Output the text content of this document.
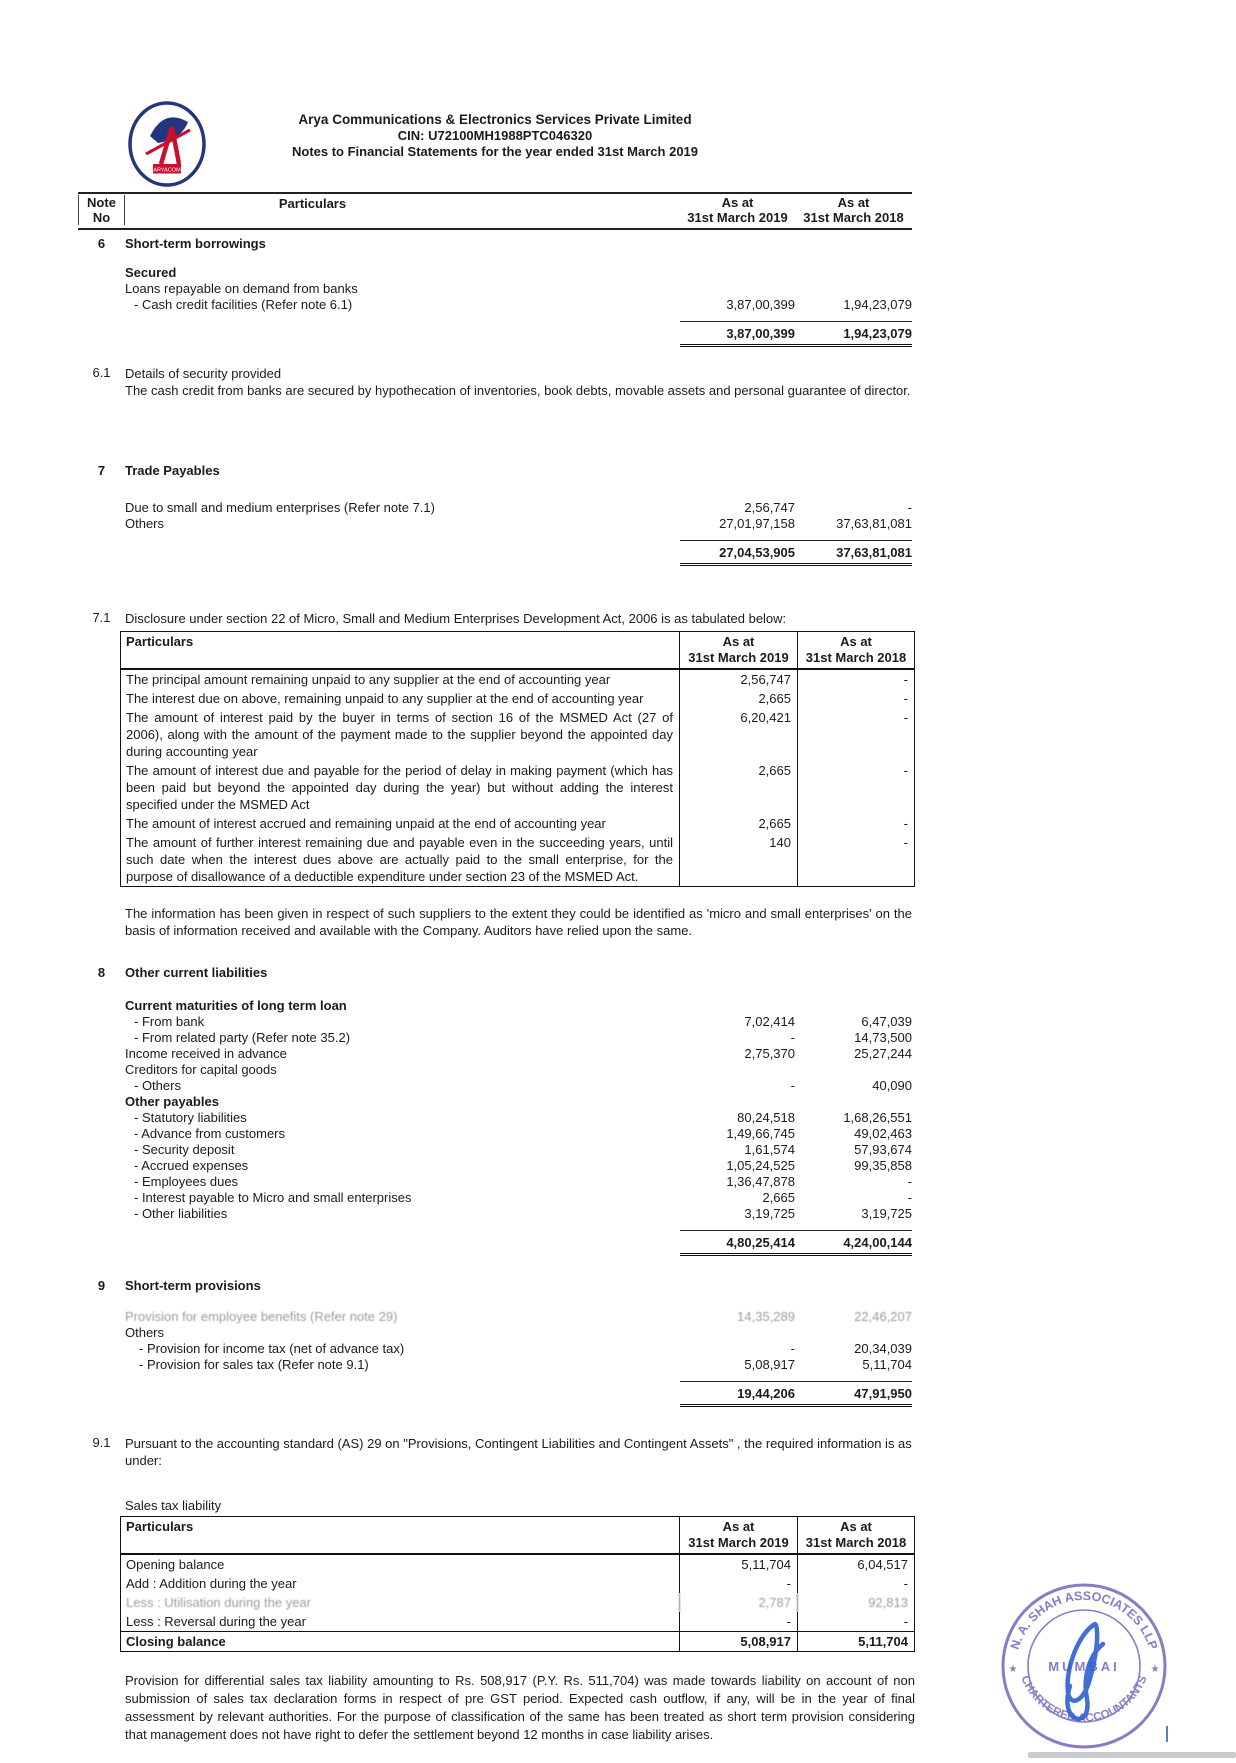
ARYACOM
Arya Communications & Electronics Services Private Limited
CIN: U72100MH1988PTC046320
Notes to Financial Statements for the year ended 31st March 2019
Note
No
Particulars	As at
31st March 2019
As at
31st March 2018
6	Short-term borrowings
Secured
Loans repayable on demand from banks
- Cash credit facilities (Refer note 6.1)	3,87,00,399	1,94,23,079
3,87,00,399	1,94,23,079
6.1	Details of security provided
The cash credit from banks are secured by hypothecation of inventories, book debts, movable assets and personal guarantee of director.
7	Trade Payables
Due to small and medium enterprises (Refer note 7.1)	2,56,747	-
Others	27,01,97,158	37,63,81,081
27,04,53,905	37,63,81,081
7.1	Disclosure under section 22 of Micro, Small and Medium Enterprises Development Act, 2006 is as tabulated below:
Particulars	As at
31st March 2019
As at
31st March 2018
The principal amount remaining unpaid to any supplier at the end of accounting year	2,56,747	-
The interest due on above, remaining unpaid to any supplier at the end of accounting year	2,665	-
The amount of interest paid by the buyer in terms of section 16 of the MSMED Act (27 of 2006), along with the amount of the payment made to the supplier beyond the appointed day during accounting year
6,20,421	-
The amount of interest due and payable for the period of delay in making payment (which has been paid but beyond the appointed day during the year) but without adding the interest specified under the MSMED Act
2,665	-
The amount of interest accrued and remaining unpaid at the end of accounting year	2,665	-
The amount of further interest remaining due and payable even in the succeeding years, until such date when the interest dues above are actually paid to the small enterprise, for the purpose of disallowance of a deductible expenditure under section 23 of the MSMED Act.
140	-
The information has been given in respect of such suppliers to the extent they could be identified as 'micro and small enterprises' on the basis of information received and available with the Company. Auditors have relied upon the same.
8	Other current liabilities
Current maturities of long term loan
- From bank	7,02,414	6,47,039
- From related party (Refer note 35.2)	-	14,73,500
Income received in advance	2,75,370	25,27,244
Creditors for capital goods
- Others	-	40,090
Other payables
- Statutory liabilities	80,24,518	1,68,26,551
- Advance from customers	1,49,66,745	49,02,463
- Security deposit	1,61,574	57,93,674
- Accrued expenses	1,05,24,525	99,35,858
- Employees dues	1,36,47,878	-
- Interest payable to Micro and small enterprises	2,665	-
- Other liabilities	3,19,725	3,19,725
4,80,25,414	4,24,00,144
9	Short-term provisions
Provision for employee benefits (Refer note 29)	14,35,289	22,46,207
Others
- Provision for income tax (net of advance tax)	-	20,34,039
- Provision for sales tax (Refer note 9.1)	5,08,917	5,11,704
19,44,206	47,91,950
9.1	Pursuant to the accounting standard (AS) 29 on "Provisions, Contingent Liabilities and Contingent Assets" , the required information is as under:
Sales tax liability
Particulars	As at
31st March 2019
As at
31st March 2018
Opening balance	5,11,704	6,04,517
Add : Addition during the year	-	-
Less : Utilisation during the year	2,787	92,813
Less : Reversal during the year	-	-
Closing balance	5,08,917	5,11,704
Provision for differential sales tax liability amounting to Rs. 508,917 (P.Y. Rs. 511,704) was made towards liability on account of non submission of sales tax declaration forms in respect of pre GST period. Expected cash outflow, if any, will be in the year of final assessment by relevant authorities. For the purpose of classification of the same has been treated as short term provision considering that management does not have right to defer the settlement beyond 12 months in case liability arises.
N. A. SHAH ASSOCIATES LLP
CHARTERED ACCOUNTANTS
★	★
MUMBAI
